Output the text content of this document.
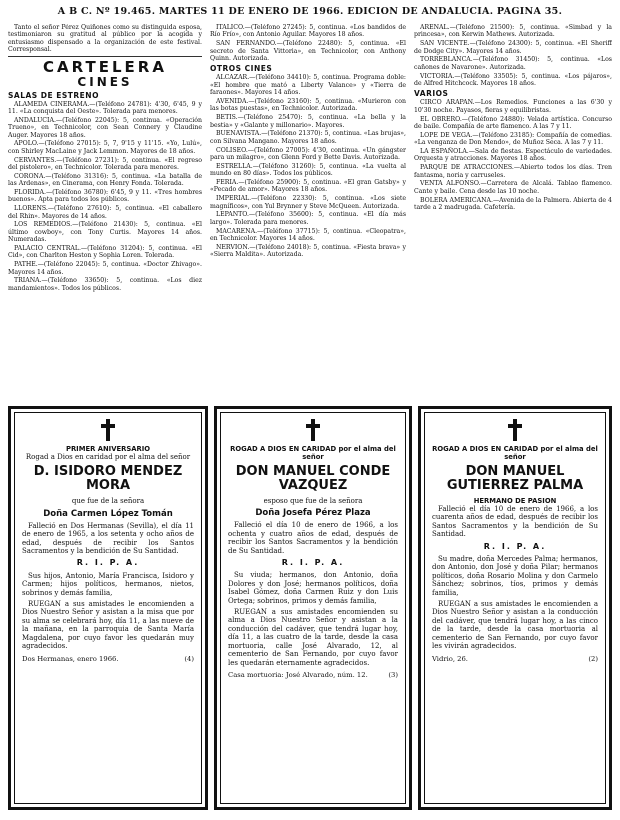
A B C. Nº 19.465. MARTES 11 DE ENERO DE 1966. EDICION DE ANDALUCIA. PAGINA 35.

Tanto el señor Pérez Quiñones como su distinguida esposa, testimoniaron su gratitud al público por la acogida y entusiasmo dispensado a la organización de este festival. Corresponsal.

CARTELERA
CINES
SALAS DE ESTRENO

ALAMEDA CINERAMA.—(Teléfono 24781): 4'30, 6'45, 9 y 11. «La conquista del Oeste». Tolerada para menores.

ANDALUCIA.—(Teléfono 22045): 5, continua. «Operación Trueno», en Technicolor, con Sean Connery y Claudine Auger. Mayores 18 años.

APOLO.—(Teléfono 27015): 5, 7, 9'15 y 11'15. «Yo, Lulú», con Shirley MacLaine y Jack Lemmon. Mayores de 18 años.

CERVANTES.—(Teléfono 27231): 5, continua. «El regreso del pistolero», en Technicolor. Tolerada para menores.

CORONA.—(Teléfono 31316): 5, continua. «La batalla de las Ardenas», en Cinerama, con Henry Fonda. Tolerada.

FLORIDA.—(Teléfono 36780): 6'45, 9 y 11. «Tres hombres buenos». Apta para todos los públicos.

LLORENS.—(Teléfono 27610): 5, continua. «El caballero del Rhin». Mayores de 14 años.

LOS REMEDIOS.—(Teléfono 21430): 5, continua. «El último cowboy», con Tony Curtis. Mayores 14 años. Numeradas.

PALACIO CENTRAL.—(Teléfono 31204): 5, continua. «El Cid», con Charlton Heston y Sophia Loren. Tolerada.

PATHE.—(Teléfono 22045): 5, continua. «Doctor Zhivago». Mayores 14 años.

TRIANA.—(Teléfono 33650): 5, continua. «Los diez mandamientos». Todos los públicos.

ITALICO.—(Teléfono 27245): 5, continua. «Los bandidos de Río Frío», con Antonio Aguilar. Mayores 18 años.

SAN FERNANDO.—(Teléfono 22480): 5, continua. «El secreto de Santa Vittoria», en Technicolor, con Anthony Quinn. Autorizada.

OTROS CINES

ALCAZAR.—(Teléfono 34410): 5, continua. Programa doble: «El hombre que mató a Liberty Valance» y «Tierra de faraones». Mayores 14 años.

AVENIDA.—(Teléfono 23160): 5, continua. «Murieron con las botas puestas», en Technicolor. Autorizada.

BETIS.—(Teléfono 25470): 5, continua. «La bella y la bestia» y «Galante y millonario». Mayores.

BUENAVISTA.—(Teléfono 21370): 5, continua. «Las brujas», con Silvana Mangano. Mayores 18 años.

COLISEO.—(Teléfono 27005): 4'30, continua. «Un gángster para un milagro», con Glenn Ford y Bette Davis. Autorizada.

ESTRELLA.—(Teléfono 31260): 5, continua. «La vuelta al mundo en 80 días». Todos los públicos.

FERIA.—(Teléfono 25900): 5, continua. «El gran Gatsby» y «Pecado de amor». Mayores 18 años.

IMPERIAL.—(Teléfono 22330): 5, continua. «Los siete magníficos», con Yul Brynner y Steve McQueen. Autorizada.

LEPANTO.—(Teléfono 35600): 5, continua. «El día más largo». Tolerada para menores.

MACARENA.—(Teléfono 37715): 5, continua. «Cleopatra», en Technicolor. Mayores 14 años.

NERVION.—(Teléfono 24018): 5, continua. «Fiesta brava» y «Sierra Maldita». Autorizada.

ARENAL.—(Teléfono 21500): 5, continua. «Simbad y la princesa», con Kerwin Mathews. Autorizada.

SAN VICENTE.—(Teléfono 24300): 5, continua. «El Sheriff de Dodge City». Mayores 14 años.

TORREBLANCA.—(Teléfono 31450): 5, continua. «Los cañones de Navarone». Autorizada.

VICTORIA.—(Teléfono 33505): 5, continua. «Los pájaros», de Alfred Hitchcock. Mayores 18 años.

VARIOS

CIRCO ARAPAN.—Los Remedios. Funciones a las 6'30 y 10'30 noche. Payasos, fieras y equilibristas.

EL OBRERO.—(Teléfono 24880): Velada artística. Concurso de baile. Compañía de arte flamenco. A las 7 y 11.

LOPE DE VEGA.—(Teléfono 23185): Compañía de comedias. «La venganza de Don Mendo», de Muñoz Seca. A las 7 y 11.

LA ESPAÑOLA.—Sala de fiestas. Espectáculo de variedades. Orquesta y atracciones. Mayores 18 años.

PARQUE DE ATRACCIONES.—Abierto todos los días. Tren fantasma, noria y carruseles.

VENTA ALFONSO.—Carretera de Alcalá. Tablao flamenco. Cante y baile. Cena desde las 10 noche.

BOLERA AMERICANA.—Avenida de la Palmera. Abierta de 4 tarde a 2 madrugada. Cafetería.

PRIMER ANIVERSARIO
Rogad a Dios en caridad por el alma del señor
D. ISIDORO MENDEZ MORA
que fue de la señora
Doña Carmen López Tomán

Falleció en Dos Hermanas (Sevilla), el día 11 de enero de 1965, a los setenta y ocho años de edad, después de recibir los Santos Sacramentos y la bendición de Su Santidad.

R. I. P. A.

Sus hijos, Antonio, María Francisca, Isidoro y Carmen; hijos políticos, hermanos, nietos, sobrinos y demás familia,

RUEGAN a sus amistades le encomienden a Dios Nuestro Señor y asistan a la misa que por su alma se celebrará hoy, día 11, a las nueve de la mañana, en la parroquia de Santa María Magdalena, por cuyo favor les quedarán muy agradecidos.

Dos Hermanas, enero 1966.	(4)
ROGAD A DIOS EN CARIDAD por el alma del señor
DON MANUEL CONDE VAZQUEZ
esposo que fue de la señora
Doña Josefa Pérez Plaza

Falleció el día 10 de enero de 1966, a los ochenta y cuatro años de edad, después de recibir los Santos Sacramentos y la bendición de Su Santidad.

R. I. P. A.

Su viuda; hermanos, don Antonio, doña Dolores y don José; hermanos políticos, doña Isabel Gómez, doña Carmen Ruiz y don Luis Ortega; sobrinos, primos y demás familia,

RUEGAN a sus amistades encomienden su alma a Dios Nuestro Señor y asistan a la conducción del cadáver, que tendrá lugar hoy, día 11, a las cuatro de la tarde, desde la casa mortuoria, calle José Alvarado, 12, al cementerio de San Fernando, por cuyo favor les quedarán eternamente agradecidos.

Casa mortuoria: José Alvarado, núm. 12.	(3)
ROGAD A DIOS EN CARIDAD por el alma del señor
DON MANUEL GUTIERREZ PALMA
HERMANO DE PASION

Falleció el día 10 de enero de 1966, a los cuarenta años de edad, después de recibir los Santos Sacramentos y la bendición de Su Santidad.

R. I. P. A.

Su madre, doña Mercedes Palma; hermanos, don Antonio, don José y doña Pilar; hermanos políticos, doña Rosario Molina y don Carmelo Sánchez; sobrinos, tíos, primos y demás familia,

RUEGAN a sus amistades le encomienden a Dios Nuestro Señor y asistan a la conducción del cadáver, que tendrá lugar hoy, a las cinco de la tarde, desde la casa mortuoria al cementerio de San Fernando, por cuyo favor les vivirán agradecidos.

Vidrio, 26.	(2)
